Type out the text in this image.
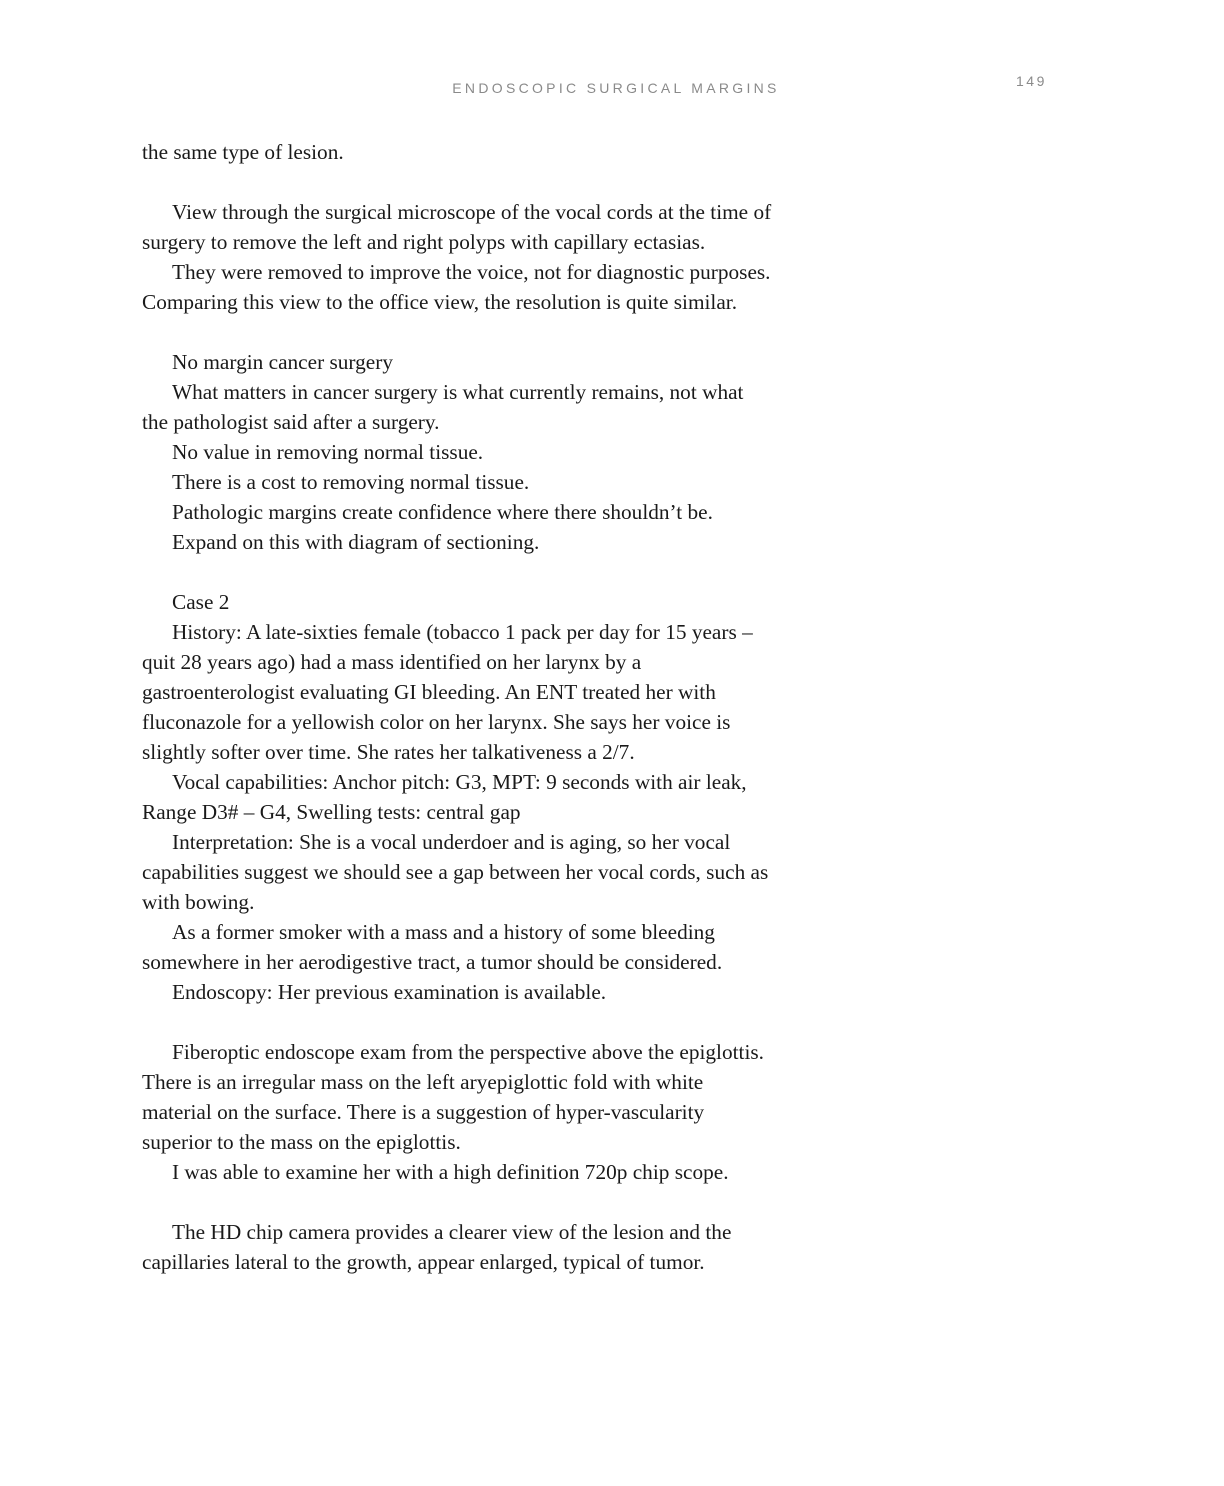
ENDOSCOPIC SURGICAL MARGINS	149

the same type of lesion.

View through the surgical microscope of the vocal cords at the time of surgery to remove the left and right polyps with capillary ectasias.

They were removed to improve the voice, not for diagnostic purposes. Comparing this view to the office view, the resolution is quite similar.

No margin cancer surgery

What matters in cancer surgery is what currently remains, not what the pathologist said after a surgery.

No value in removing normal tissue.

There is a cost to removing normal tissue.

Pathologic margins create confidence where there shouldn’t be.

Expand on this with diagram of sectioning.

Case 2

History: A late-sixties female (tobacco 1 pack per day for 15 years – quit 28 years ago) had a mass identified on her larynx by a gastroenterologist evaluating GI bleeding. An ENT treated her with fluconazole for a yellowish color on her larynx. She says her voice is slightly softer over time. She rates her talkativeness a 2/7.

Vocal capabilities: Anchor pitch: G3, MPT: 9 seconds with air leak, Range D3# – G4, Swelling tests: central gap

Interpretation: She is a vocal underdoer and is aging, so her vocal capabilities suggest we should see a gap between her vocal cords, such as with bowing.

As a former smoker with a mass and a history of some bleeding somewhere in her aerodigestive tract, a tumor should be considered.

Endoscopy: Her previous examination is available.

Fiberoptic endoscope exam from the perspective above the epiglottis. There is an irregular mass on the left aryepiglottic fold with white material on the surface. There is a suggestion of hyper-vascularity superior to the mass on the epiglottis.

I was able to examine her with a high definition 720p chip scope.

The HD chip camera provides a clearer view of the lesion and the capillaries lateral to the growth, appear enlarged, typical of tumor.
